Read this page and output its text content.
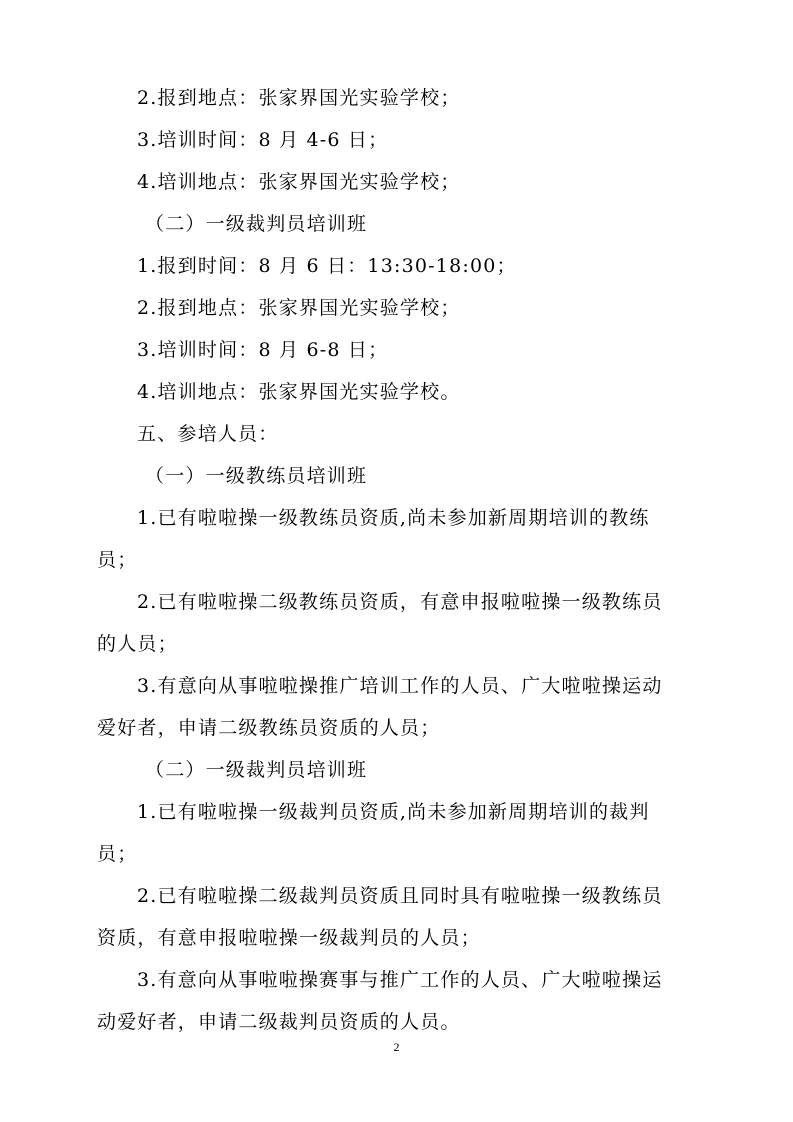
2.报到地点：张家界国光实验学校；
3.培训时间：8 月 4-6 日；
4.培训地点：张家界国光实验学校；
（二）一级裁判员培训班
1.报到时间：8 月 6 日：13:30-18:00；
2.报到地点：张家界国光实验学校；
3.培训时间：8 月 6-8 日；
4.培训地点：张家界国光实验学校。
五、参培人员：
（一）一级教练员培训班
1.已有啦啦操一级教练员资质,尚未参加新周期培训的教练
员；
2.已有啦啦操二级教练员资质，有意申报啦啦操一级教练员
的人员；
3.有意向从事啦啦操推广培训工作的人员、广大啦啦操运动
爱好者，申请二级教练员资质的人员；
（二）一级裁判员培训班
1.已有啦啦操一级裁判员资质,尚未参加新周期培训的裁判
员；
2.已有啦啦操二级裁判员资质且同时具有啦啦操一级教练员
资质，有意申报啦啦操一级裁判员的人员；
3.有意向从事啦啦操赛事与推广工作的人员、广大啦啦操运
动爱好者，申请二级裁判员资质的人员。
2
